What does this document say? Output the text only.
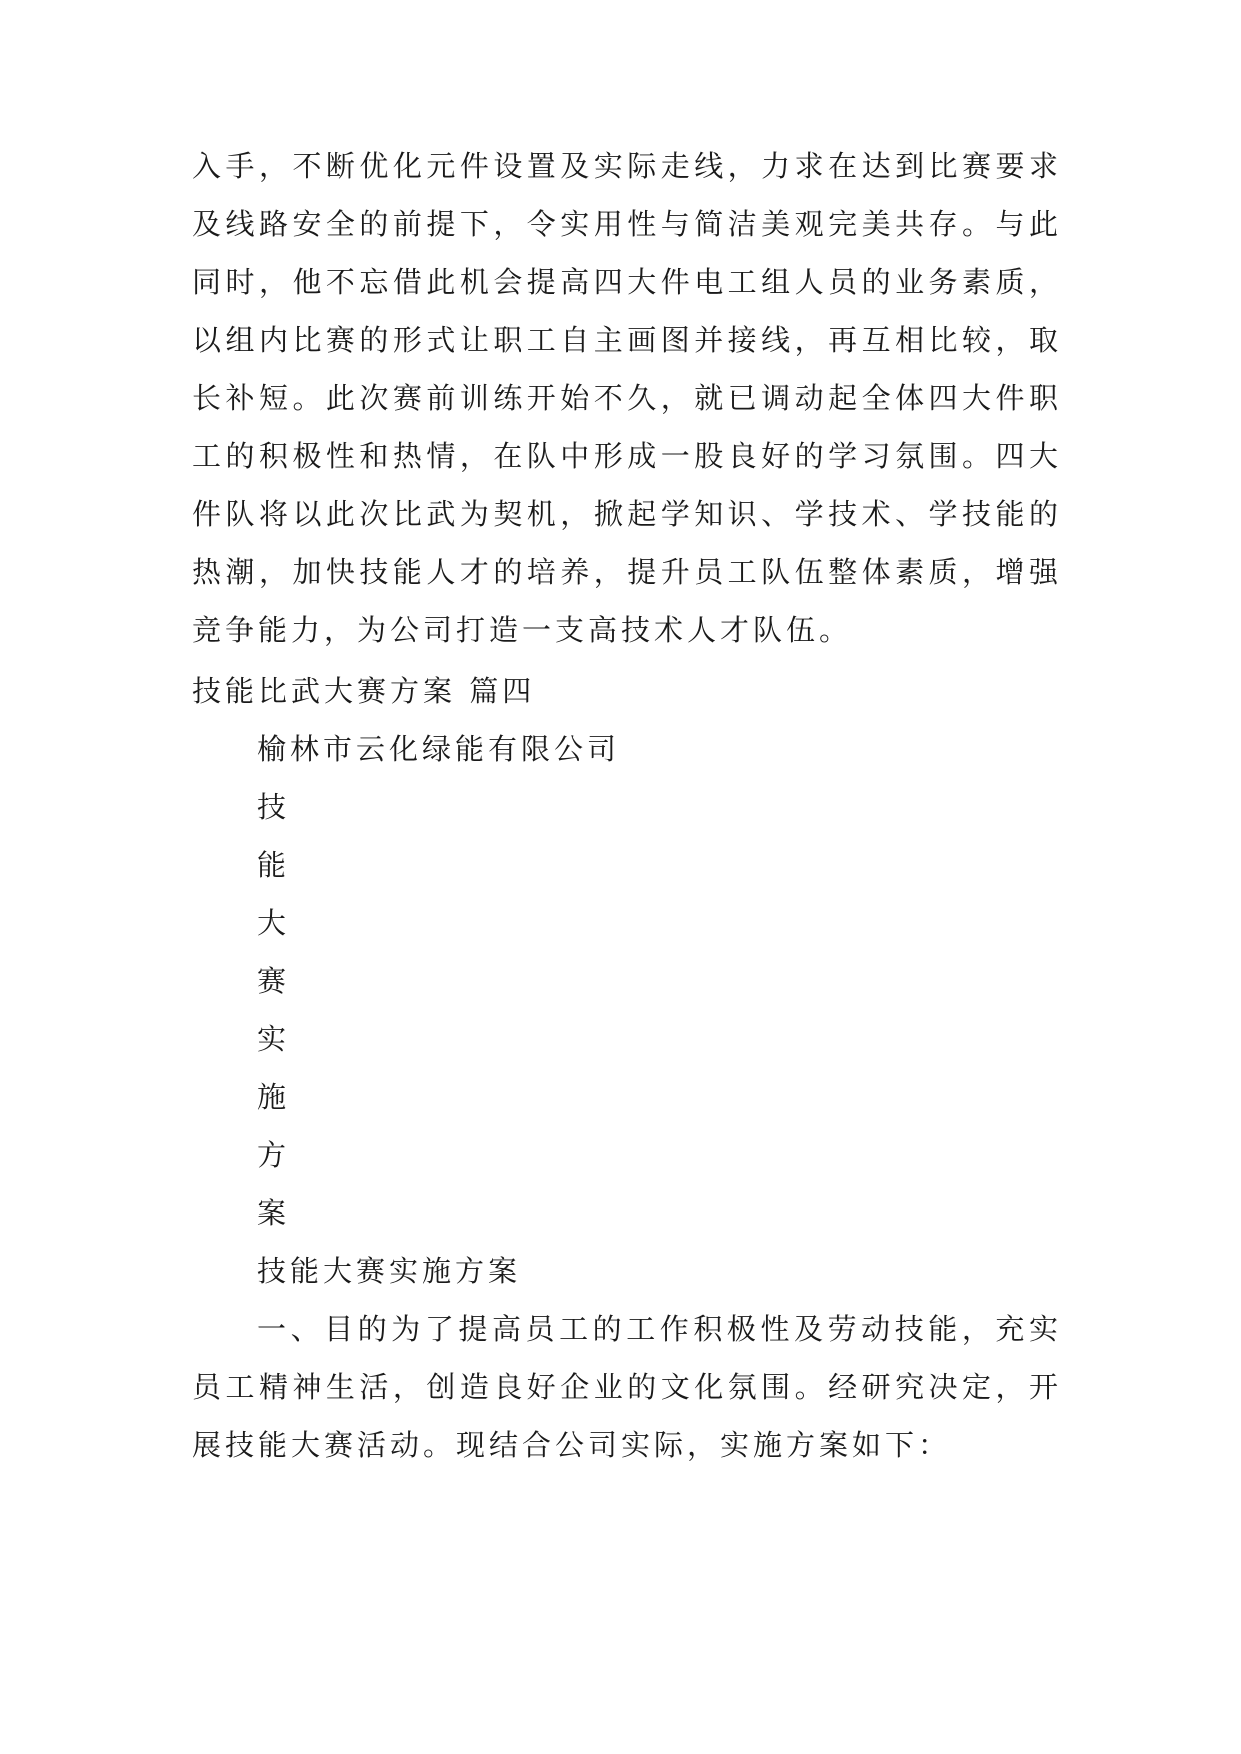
入手，不断优化元件设置及实际走线，力求在达到比赛要求
及线路安全的前提下，令实用性与简洁美观完美共存。与此
同时，他不忘借此机会提高四大件电工组人员的业务素质，
以组内比赛的形式让职工自主画图并接线，再互相比较，取
长补短。此次赛前训练开始不久，就已调动起全体四大件职
工的积极性和热情，在队中形成一股良好的学习氛围。四大
件队将以此次比武为契机，掀起学知识、学技术、学技能的
热潮，加快技能人才的培养，提升员工队伍整体素质，增强
竞争能力，为公司打造一支高技术人才队伍。
技能比武大赛方案 篇四
榆林市云化绿能有限公司
技
能
大
赛
实
施
方
案
技能大赛实施方案
一、目的为了提高员工的工作积极性及劳动技能，充实
员工精神生活，创造良好企业的文化氛围。经研究决定，开
展技能大赛活动。现结合公司实际，实施方案如下：
